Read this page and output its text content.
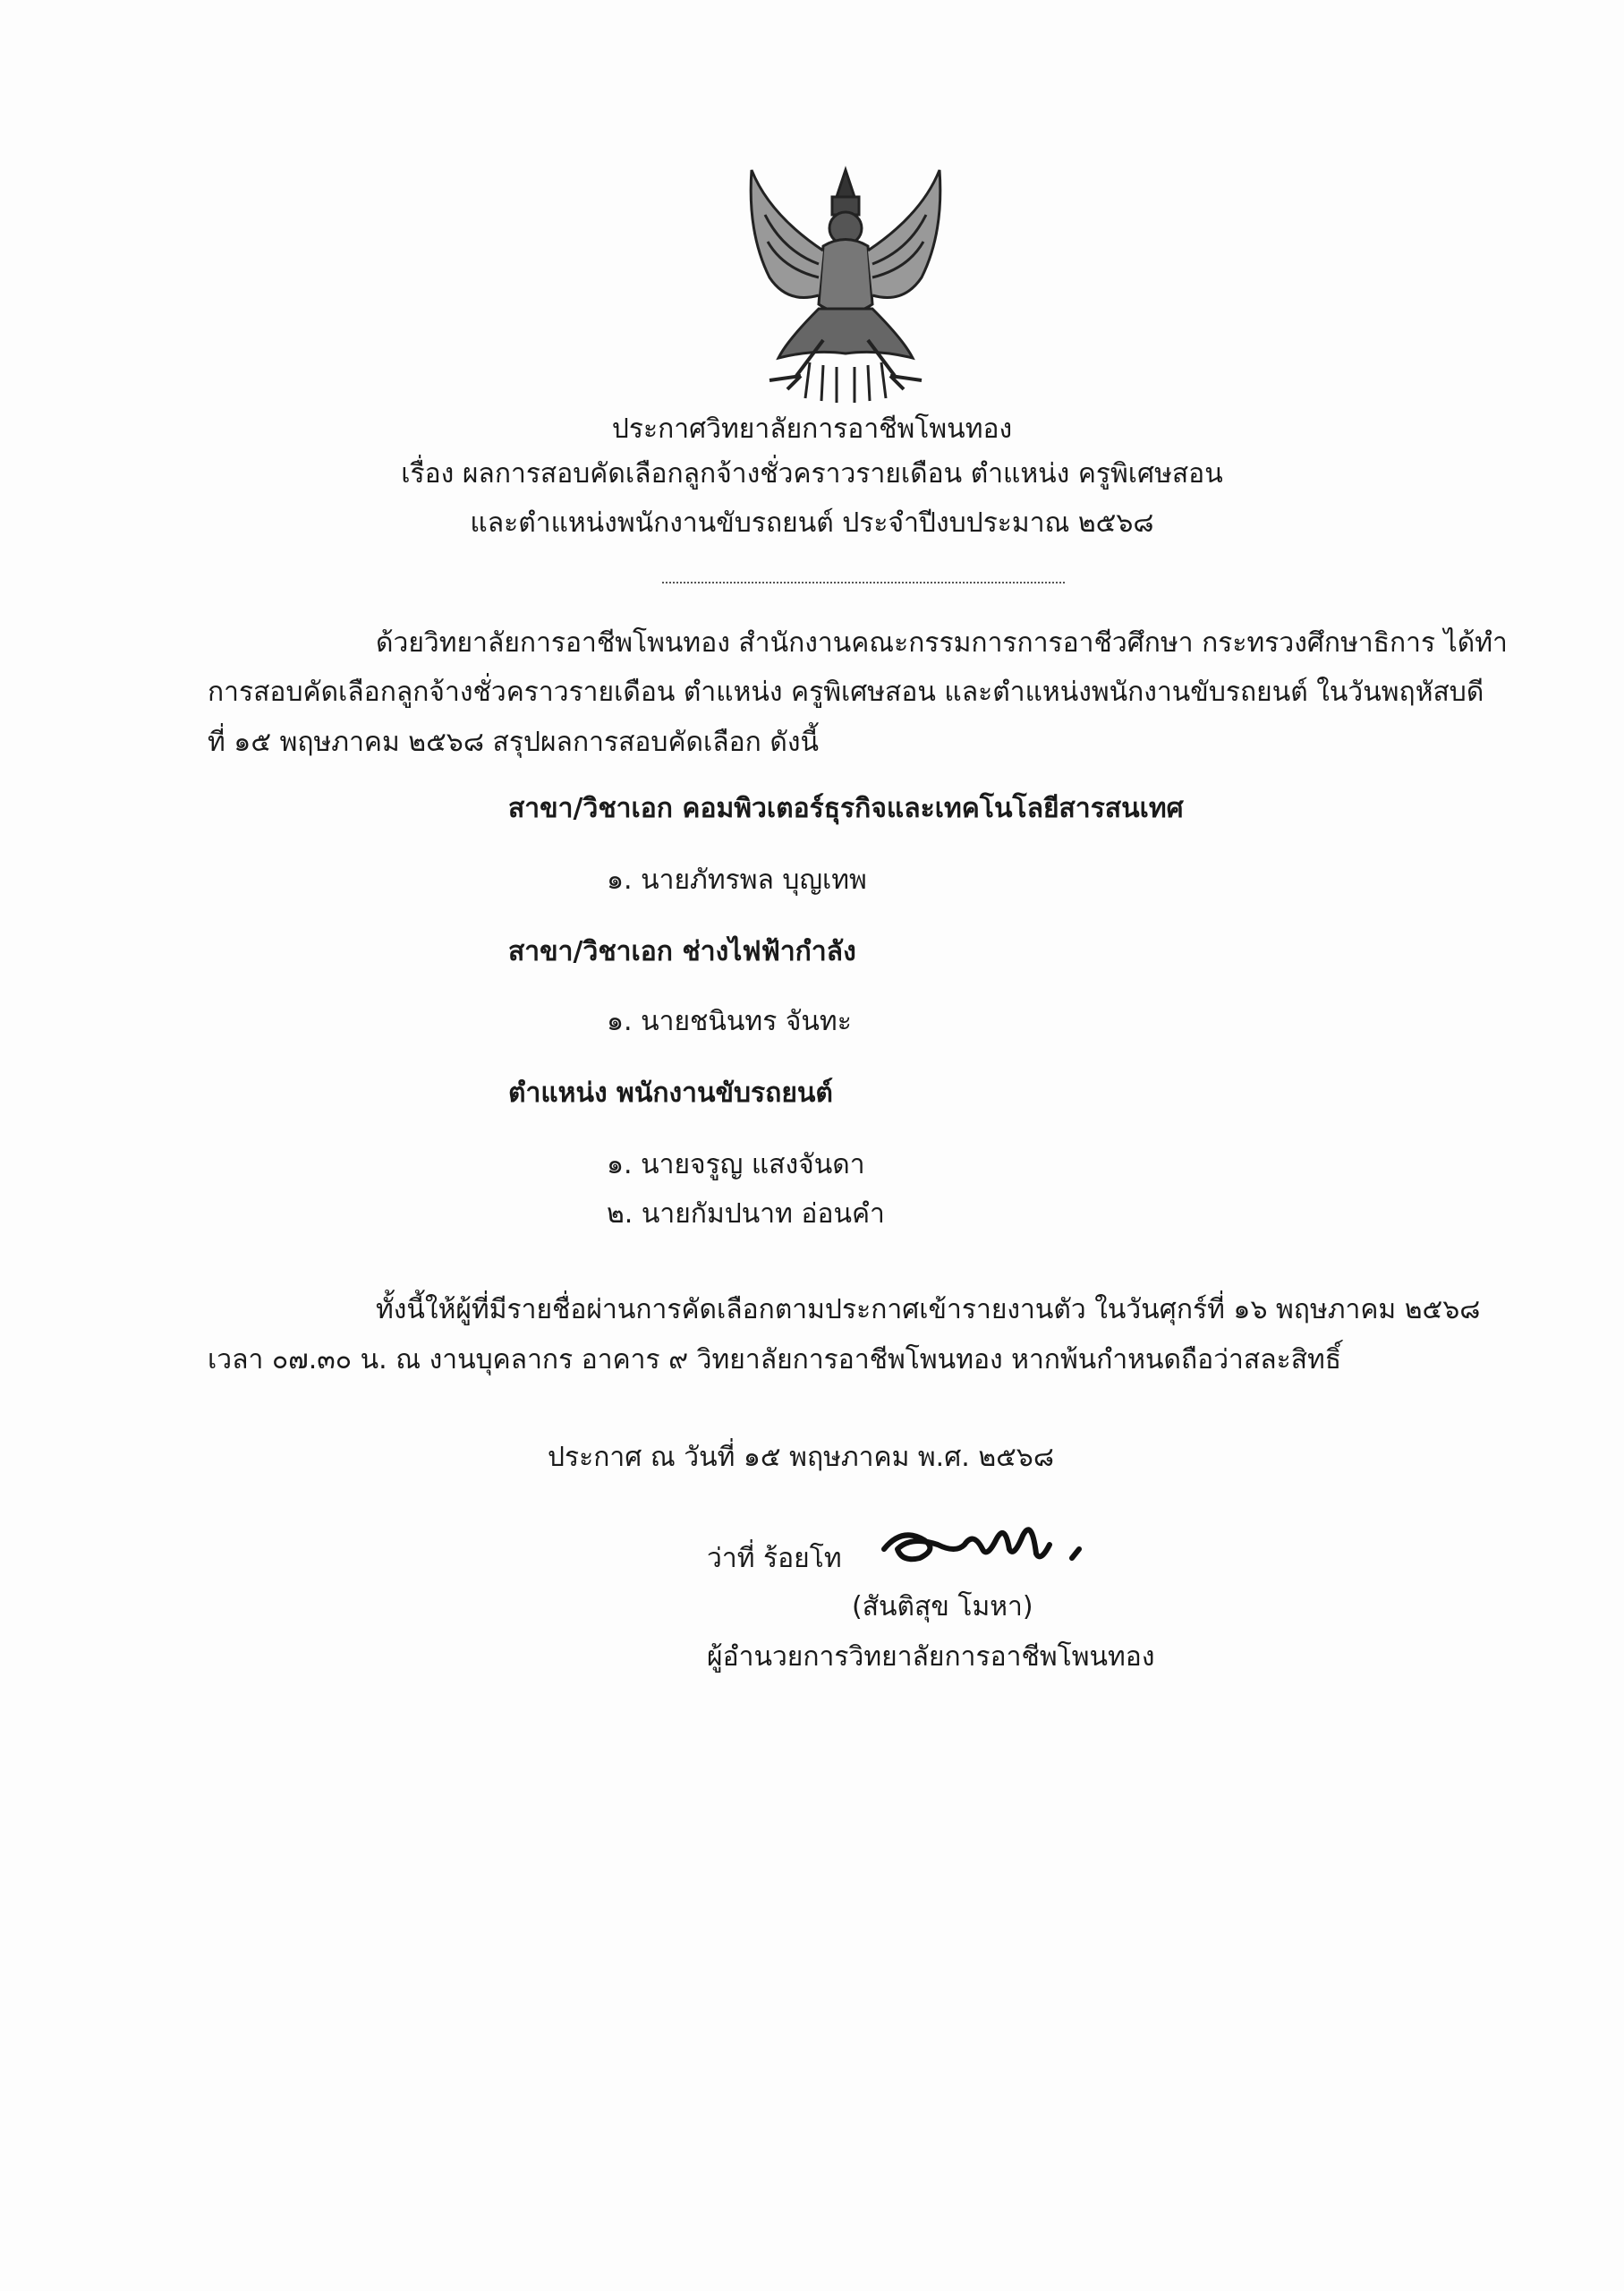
ประกาศวิทยาลัยการอาชีพโพนทอง
เรื่อง ผลการสอบคัดเลือกลูกจ้างชั่วคราวรายเดือน ตำแหน่ง ครูพิเศษสอน
และตำแหน่งพนักงานขับรถยนต์ ประจำปีงบประมาณ ๒๕๖๘
ด้วยวิทยาลัยการอาชีพโพนทอง สำนักงานคณะกรรมการการอาชีวศึกษา กระทรวงศึกษาธิการ ได้ทำ
การสอบคัดเลือกลูกจ้างชั่วคราวรายเดือน ตำแหน่ง ครูพิเศษสอน และตำแหน่งพนักงานขับรถยนต์ ในวันพฤหัสบดี
ที่ ๑๕ พฤษภาคม ๒๕๖๘ สรุปผลการสอบคัดเลือก ดังนี้
สาขา/วิชาเอก คอมพิวเตอร์ธุรกิจและเทคโนโลยีสารสนเทศ
๑. นายภัทรพล บุญเทพ
สาขา/วิชาเอก ช่างไฟฟ้ากำลัง
๑. นายชนินทร จันทะ
ตำแหน่ง พนักงานขับรถยนต์
๑. นายจรูญ แสงจันดา
๒. นายกัมปนาท อ่อนคำ
ทั้งนี้ให้ผู้ที่มีรายชื่อผ่านการคัดเลือกตามประกาศเข้ารายงานตัว ในวันศุกร์ที่ ๑๖ พฤษภาคม ๒๕๖๘
เวลา ๐๗.๓๐ น. ณ งานบุคลากร อาคาร ๙ วิทยาลัยการอาชีพโพนทอง หากพ้นกำหนดถือว่าสละสิทธิ์
ประกาศ ณ วันที่ ๑๕ พฤษภาคม พ.ศ. ๒๕๖๘
ว่าที่ ร้อยโท
(สันติสุข โมหา)
ผู้อำนวยการวิทยาลัยการอาชีพโพนทอง
